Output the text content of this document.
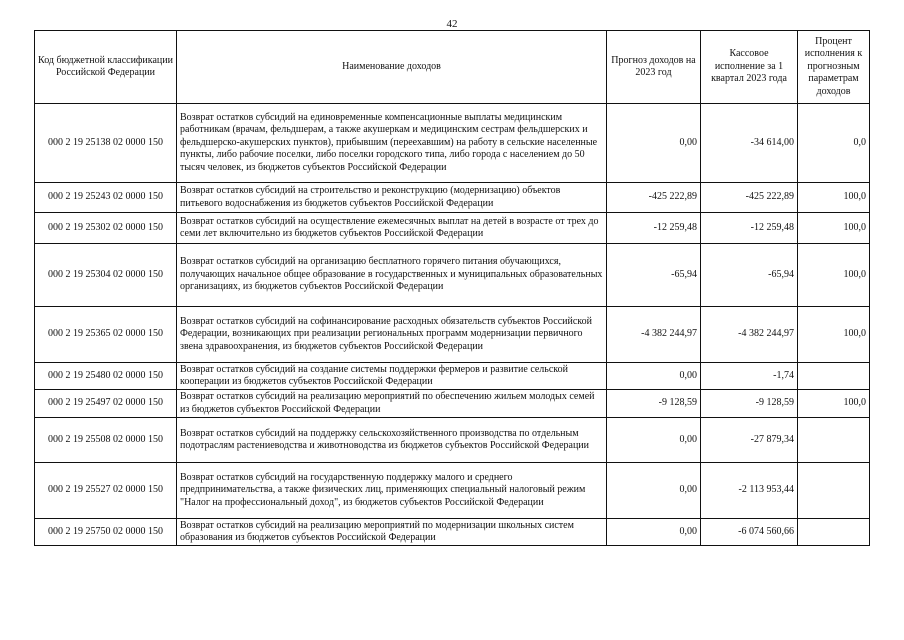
42
Код бюджетной классификации Российской Федерации	Наименование доходов	Прогноз доходов на 2023 год	Кассовое исполнение за 1 квартал 2023 года	Процент исполнения к прогнозным параметрам доходов
000 2 19 25138 02 0000 150	Возврат остатков субсидий на единовременные компенсационные выплаты медицинским работникам (врачам, фельдшерам, а также акушеркам и медицинским сестрам фельдшерских и фельдшерско-акушерских пунктов), прибывшим (переехавшим) на работу в сельские населенные пункты, либо рабочие поселки, либо поселки городского типа, либо города с населением до 50 тысяч человек, из бюджетов субъектов Российской Федерации	0,00	-34 614,00	0,0
000 2 19 25243 02 0000 150	Возврат остатков субсидий на строительство и реконструкцию (модернизацию) объектов питьевого водоснабжения из бюджетов субъектов Российской Федерации	-425 222,89	-425 222,89	100,0
000 2 19 25302 02 0000 150	Возврат остатков субсидий на осуществление ежемесячных выплат на детей в возрасте от трех до семи лет включительно из бюджетов субъектов Российской Федерации	-12 259,48	-12 259,48	100,0
000 2 19 25304 02 0000 150	Возврат остатков субсидий на организацию бесплатного горячего питания обучающихся, получающих начальное общее образование в государственных и муниципальных образовательных организациях, из бюджетов субъектов Российской Федерации	-65,94	-65,94	100,0
000 2 19 25365 02 0000 150	Возврат остатков субсидий на софинансирование расходных обязательств субъектов Российской Федерации, возникающих при реализации региональных программ модернизации первичного звена здравоохранения, из бюджетов субъектов Российской Федерации	-4 382 244,97	-4 382 244,97	100,0
000 2 19 25480 02 0000 150	Возврат остатков субсидий на создание системы поддержки фермеров и развитие сельской кооперации из бюджетов субъектов Российской Федерации	0,00	-1,74	
000 2 19 25497 02 0000 150	Возврат остатков субсидий на реализацию мероприятий по обеспечению жильем молодых семей из бюджетов субъектов Российской Федерации	-9 128,59	-9 128,59	100,0
000 2 19 25508 02 0000 150	Возврат остатков субсидий на поддержку сельскохозяйственного производства по отдельным подотраслям растениеводства и животноводства из бюджетов субъектов Российской Федерации	0,00	-27 879,34	
000 2 19 25527 02 0000 150	Возврат остатков субсидий на государственную поддержку малого и среднего предпринимательства, а также физических лиц, применяющих специальный налоговый режим "Налог на профессиональный доход", из бюджетов субъектов Российской Федерации	0,00	-2 113 953,44	
000 2 19 25750 02 0000 150	Возврат остатков субсидий на реализацию мероприятий по модернизации школьных систем образования из бюджетов субъектов Российской Федерации	0,00	-6 074 560,66	
